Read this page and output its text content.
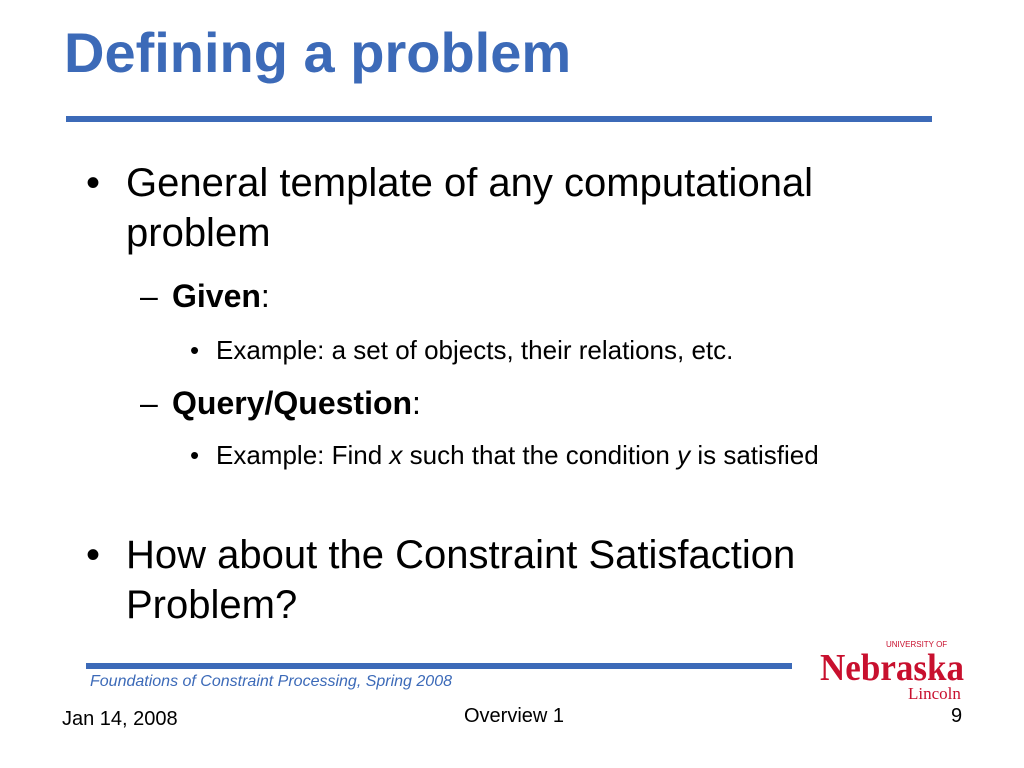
Defining a problem
• General template of any computational problem
– Given:
• Example: a set of objects, their relations, etc.
– Query/Question:
• Example: Find x such that the condition y is satisfied
• How about the Constraint Satisfaction Problem?
Foundations of Constraint Processing, Spring 2008
Jan 14, 2008	Overview 1	9
UNIVERSITY OF
Nebraska
Lincoln
